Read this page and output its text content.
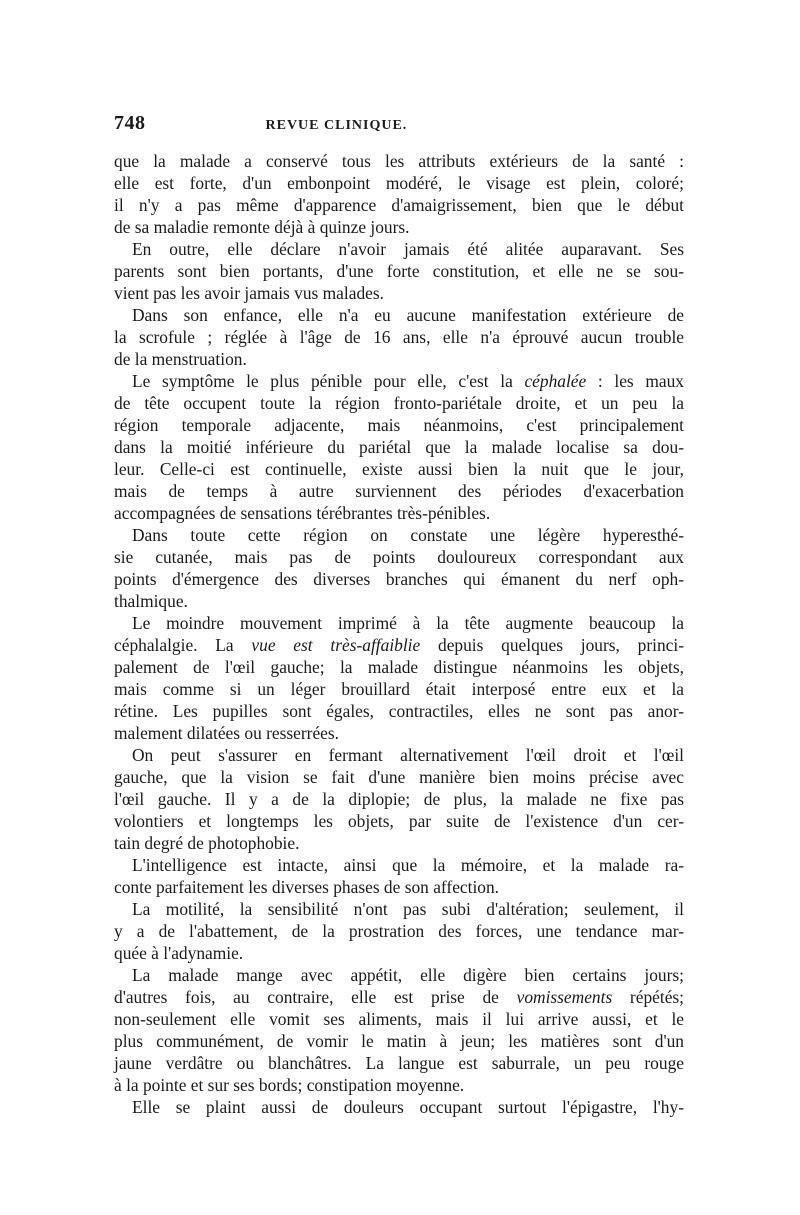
748	REVUE CLINIQUE.
que la malade a conservé tous les attributs extérieurs de la santé :
elle est forte, d'un embonpoint modéré, le visage est plein, coloré;
il n'y a pas même d'apparence d'amaigrissement, bien que le début
de sa maladie remonte déjà à quinze jours.
En outre, elle déclare n'avoir jamais été alitée auparavant. Ses
parents sont bien portants, d'une forte constitution, et elle ne se sou-
vient pas les avoir jamais vus malades.
Dans son enfance, elle n'a eu aucune manifestation extérieure de
la scrofule ; réglée à l'âge de 16 ans, elle n'a éprouvé aucun trouble
de la menstruation.
Le symptôme le plus pénible pour elle, c'est la céphalée : les maux
de tête occupent toute la région fronto-pariétale droite, et un peu la
région temporale adjacente, mais néanmoins, c'est principalement
dans la moitié inférieure du pariétal que la malade localise sa dou-
leur. Celle-ci est continuelle, existe aussi bien la nuit que le jour,
mais de temps à autre surviennent des périodes d'exacerbation
accompagnées de sensations térébrantes très-pénibles.
Dans toute cette région on constate une légère hyperesthé-
sie cutanée, mais pas de points douloureux correspondant aux
points d'émergence des diverses branches qui émanent du nerf oph-
thalmique.
Le moindre mouvement imprimé à la tête augmente beaucoup la
céphalalgie. La vue est très-affaiblie depuis quelques jours, princi-
palement de l'œil gauche; la malade distingue néanmoins les objets,
mais comme si un léger brouillard était interposé entre eux et la
rétine. Les pupilles sont égales, contractiles, elles ne sont pas anor-
malement dilatées ou resserrées.
On peut s'assurer en fermant alternativement l'œil droit et l'œil
gauche, que la vision se fait d'une manière bien moins précise avec
l'œil gauche. Il y a de la diplopie; de plus, la malade ne fixe pas
volontiers et longtemps les objets, par suite de l'existence d'un cer-
tain degré de photophobie.
L'intelligence est intacte, ainsi que la mémoire, et la malade ra-
conte parfaitement les diverses phases de son affection.
La motilité, la sensibilité n'ont pas subi d'altération; seulement, il
y a de l'abattement, de la prostration des forces, une tendance mar-
quée à l'adynamie.
La malade mange avec appétit, elle digère bien certains jours;
d'autres fois, au contraire, elle est prise de vomissements répétés;
non-seulement elle vomit ses aliments, mais il lui arrive aussi, et le
plus communément, de vomir le matin à jeun; les matières sont d'un
jaune verdâtre ou blanchâtres. La langue est saburrale, un peu rouge
à la pointe et sur ses bords; constipation moyenne.
Elle se plaint aussi de douleurs occupant surtout l'épigastre, l'hy-
